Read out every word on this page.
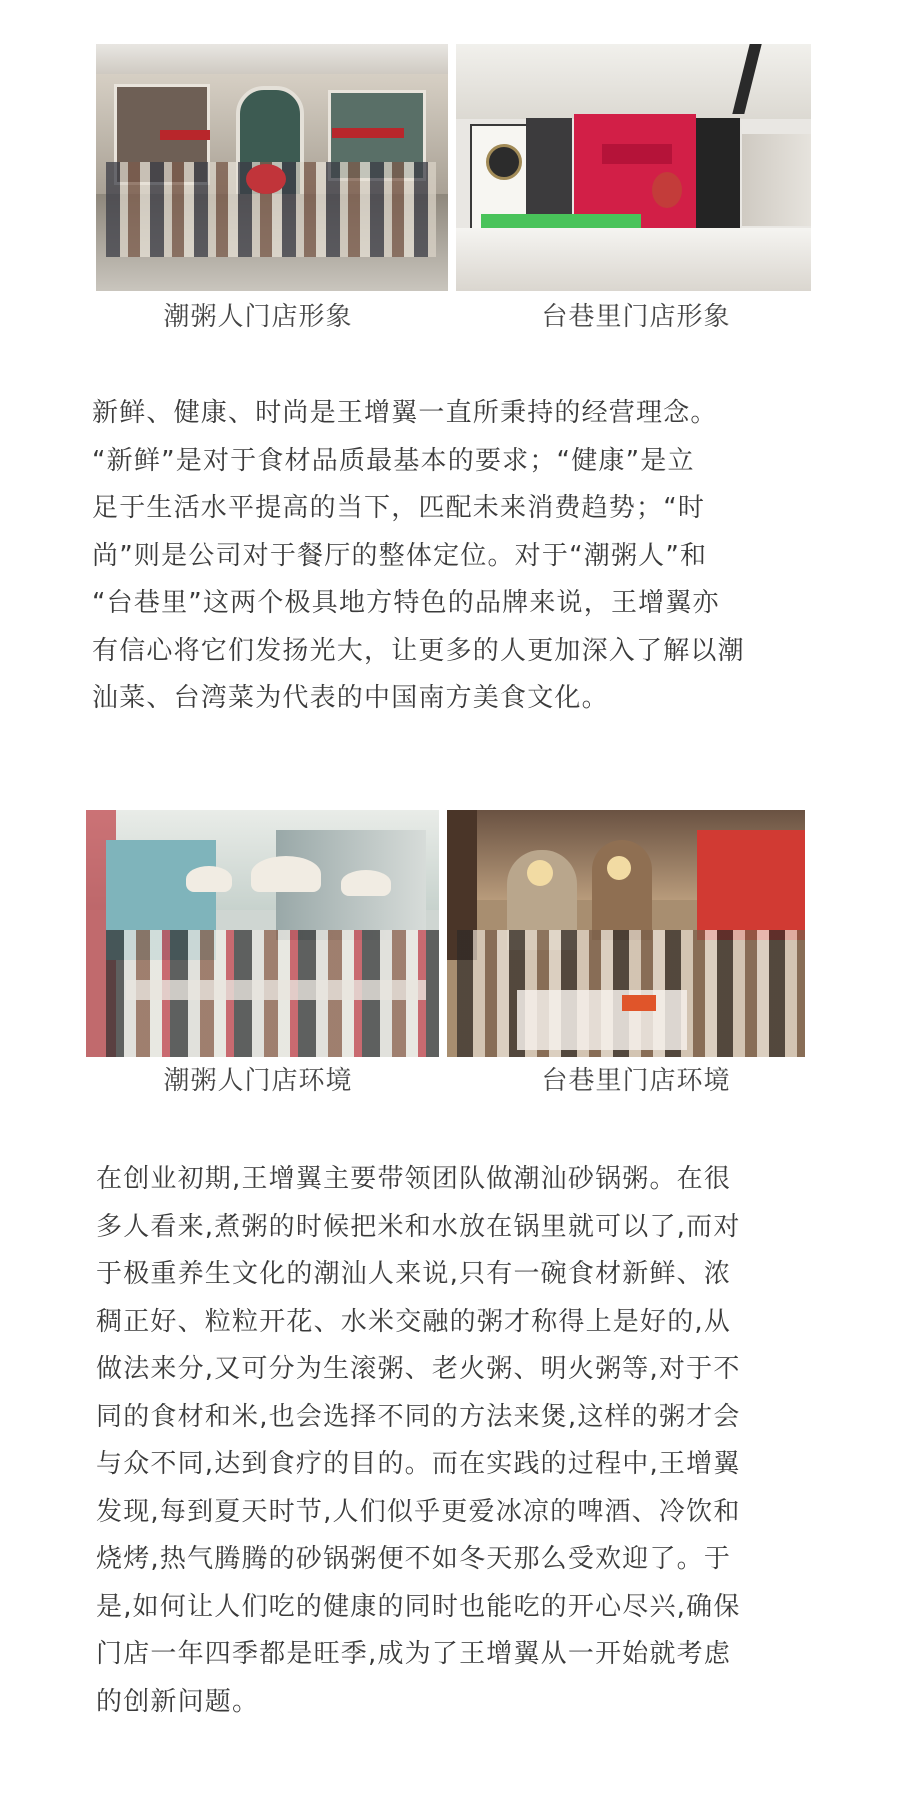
潮粥人门店形象	台巷里门店形象
新鲜、健康、时尚是王增翼一直所秉持的经营理念。
“新鲜”是对于食材品质最基本的要求；“健康”是立
足于生活水平提高的当下，匹配未来消费趋势；“时
尚”则是公司对于餐厅的整体定位。对于“潮粥人”和
“台巷里”这两个极具地方特色的品牌来说，王增翼亦
有信心将它们发扬光大，让更多的人更加深入了解以潮
汕菜、台湾菜为代表的中国南方美食文化。
潮粥人门店环境	台巷里门店环境
在创业初期,王增翼主要带领团队做潮汕砂锅粥。在很
多人看来,煮粥的时候把米和水放在锅里就可以了,而对
于极重养生文化的潮汕人来说,只有一碗食材新鲜、浓
稠正好、粒粒开花、水米交融的粥才称得上是好的,从
做法来分,又可分为生滚粥、老火粥、明火粥等,对于不
同的食材和米,也会选择不同的方法来煲,这样的粥才会
与众不同,达到食疗的目的。而在实践的过程中,王增翼
发现,每到夏天时节,人们似乎更爱冰凉的啤酒、冷饮和
烧烤,热气腾腾的砂锅粥便不如冬天那么受欢迎了。于
是,如何让人们吃的健康的同时也能吃的开心尽兴,确保
门店一年四季都是旺季,成为了王增翼从一开始就考虑
的创新问题。
